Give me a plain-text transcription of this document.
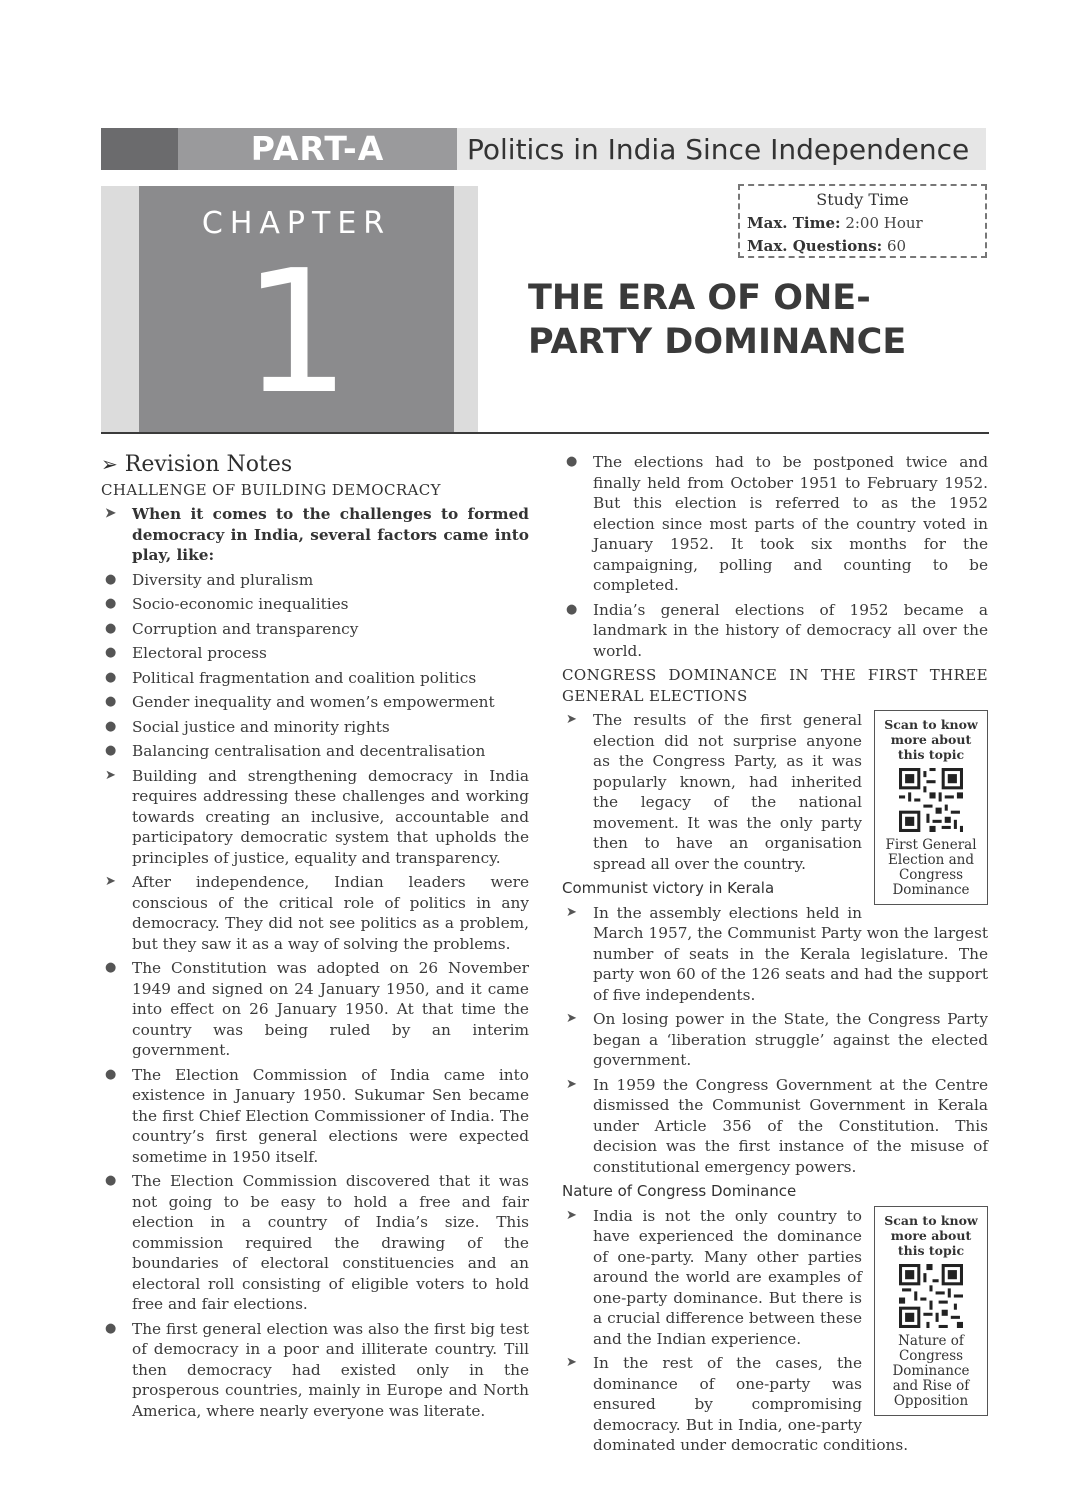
PART-A	Politics in India Since Independence
CHAPTER
1
Study Time
Max. Time: 2:00 Hour
Max. Questions: 60
THE ERA OF ONE-PARTY DOMINANCE
➢ Revision Notes
CHALLENGE OF BUILDING DEMOCRACY
➤ When it comes to the challenges to formed democracy in India, several factors came into play, like:
● Diversity and pluralism
● Socio-economic inequalities
● Corruption and transparency
● Electoral process
● Political fragmentation and coalition politics
● Gender inequality and women’s empowerment
● Social justice and minority rights
● Balancing centralisation and decentralisation
➤ Building and strengthening democracy in India requires addressing these challenges and working towards creating an inclusive, accountable and participatory democratic system that upholds the principles of justice, equality and transparency.
➤ After independence, Indian leaders were conscious of the critical role of politics in any democracy. They did not see politics as a problem, but they saw it as a way of solving the problems.
● The Constitution was adopted on 26 November 1949 and signed on 24 January 1950, and it came into effect on 26 January 1950. At that time the country was being ruled by an interim government.
● The Election Commission of India came into existence in January 1950. Sukumar Sen became the first Chief Election Commissioner of India. The country’s first general elections were expected sometime in 1950 itself.
● The Election Commission discovered that it was not going to be easy to hold a free and fair election in a country of India’s size. This commission required the drawing of the boundaries of electoral constituencies and an electoral roll consisting of eligible voters to hold free and fair elections.
● The first general election was also the first big test of democracy in a poor and illiterate country. Till then democracy had existed only in the prosperous countries, mainly in Europe and North America, where nearly everyone was literate.
● The elections had to be postponed twice and finally held from October 1951 to February 1952. But this election is referred to as the 1952 election since most parts of the country voted in January 1952. It took six months for the campaigning, polling and counting to be completed.
● India’s general elections of 1952 became a landmark in the history of democracy all over the world.
CONGRESS DOMINANCE IN THE FIRST THREE GENERAL ELECTIONS
Scan to know more about this topic
First General Election and Congress Dominance
➤ The results of the first general election did not surprise anyone as the Congress Party, as it was popularly known, had inherited the legacy of the national movement. It was the only party then to have an organisation spread all over the country.
Communist victory in Kerala
➤ In the assembly elections held in March 1957, the Communist Party won the largest number of seats in the Kerala legislature. The party won 60 of the 126 seats and had the support of five independents.
➤ On losing power in the State, the Congress Party began a ‘liberation struggle’ against the elected government.
➤ In 1959 the Congress Government at the Centre dismissed the Communist Government in Kerala under Article 356 of the Constitution. This decision was the first instance of the misuse of constitutional emergency powers.
Nature of Congress Dominance
Scan to know more about this topic
Nature of Congress Dominance and Rise of Opposition
➤ India is not the only country to have experienced the dominance of one-party. Many other parties around the world are examples of one-party dominance. But there is a crucial difference between these and the Indian experience.
➤ In the rest of the cases, the dominance of one-party was ensured by compromising democracy. But in India, one-party dominated under democratic conditions.
